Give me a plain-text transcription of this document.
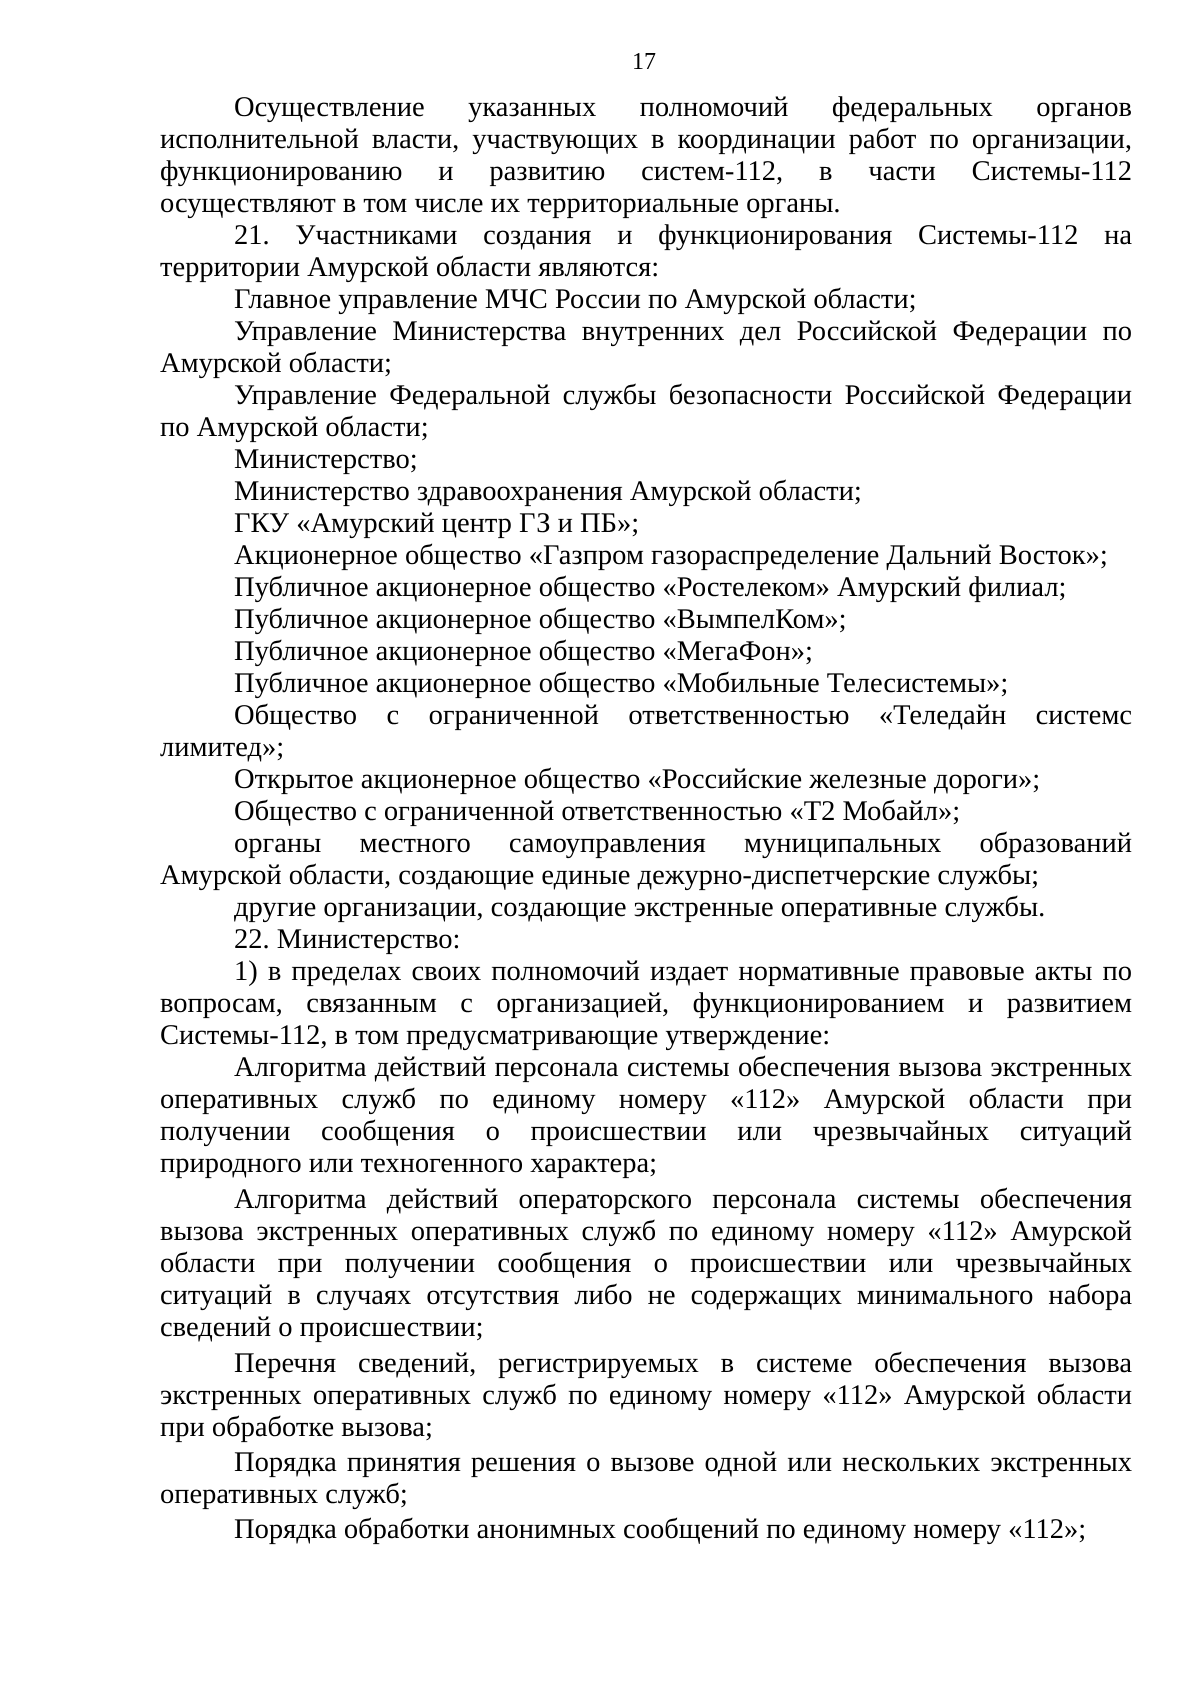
17

Осуществление указанных полномочий федеральных органов исполнительной власти, участвующих в координации работ по организации, функционированию и развитию систем-112, в части Системы-112 осуществляют в том числе их территориальные органы.

21. Участниками создания и функционирования Системы-112 на территории Амурской области являются:

Главное управление МЧС России по Амурской области;

Управление Министерства внутренних дел Российской Федерации по Амурской области;

Управление Федеральной службы безопасности Российской Федерации по Амурской области;

Министерство;

Министерство здравоохранения Амурской области;

ГКУ «Амурский центр ГЗ и ПБ»;

Акционерное общество «Газпром газораспределение Дальний Восток»;

Публичное акционерное общество «Ростелеком» Амурский филиал;

Публичное акционерное общество «ВымпелКом»;

Публичное акционерное общество «МегаФон»;

Публичное акционерное общество «Мобильные Телесистемы»;

Общество с ограниченной ответственностью «Теледайн системс лимитед»;

Открытое акционерное общество «Российские железные дороги»;

Общество с ограниченной ответственностью «Т2 Мобайл»;

органы местного самоуправления муниципальных образований Амурской области, создающие единые дежурно-диспетчерские службы;

другие организации, создающие экстренные оперативные службы.

22. Министерство:

1) в пределах своих полномочий издает нормативные правовые акты по вопросам, связанным с организацией, функционированием и развитием Системы-112, в том предусматривающие утверждение:

Алгоритма действий персонала системы обеспечения вызова экстренных оперативных служб по единому номеру «112» Амурской области при получении сообщения о происшествии или чрезвычайных ситуаций природного или техногенного характера;

Алгоритма действий операторского персонала системы обеспечения вызова экстренных оперативных служб по единому номеру «112» Амурской области при получении сообщения о происшествии или чрезвычайных ситуаций в случаях отсутствия либо не содержащих минимального набора сведений о происшествии;

Перечня сведений, регистрируемых в системе обеспечения вызова экстренных оперативных служб по единому номеру «112» Амурской области при обработке вызова;

Порядка принятия решения о вызове одной или нескольких экстренных оперативных служб;

Порядка обработки анонимных сообщений по единому номеру «112»;
